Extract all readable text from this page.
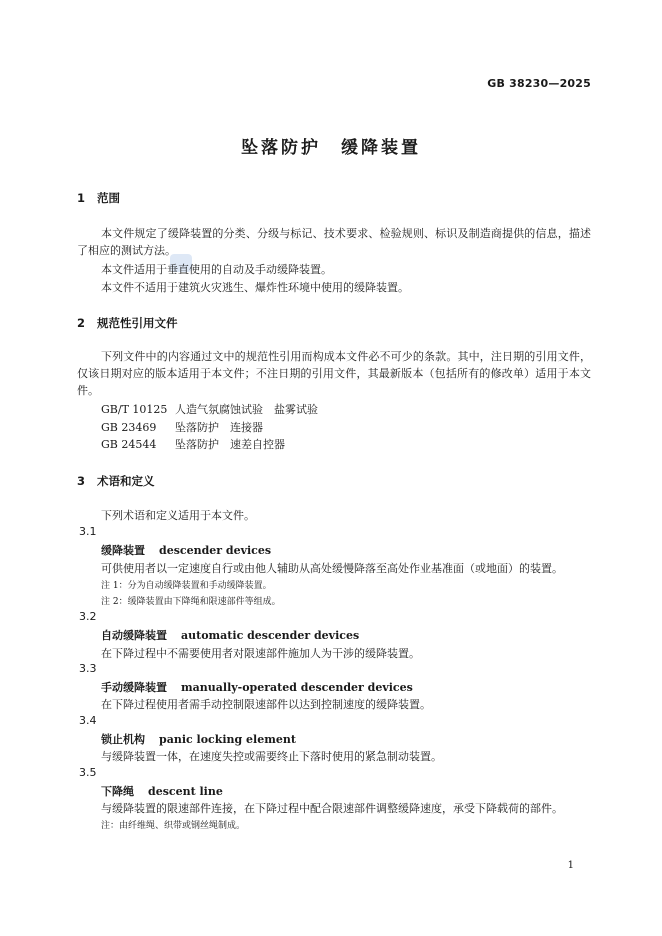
GB 38230—2025
坠落防护　缓降装置
1 范围
本文件规定了缓降装置的分类、分级与标记、技术要求、检验规则、标识及制造商提供的信息，描述了相应的测试方法。
本文件适用于垂直使用的自动及手动缓降装置。
本文件不适用于建筑火灾逃生、爆炸性环境中使用的缓降装置。
2 规范性引用文件
下列文件中的内容通过文中的规范性引用而构成本文件必不可少的条款。其中，注日期的引用文件，仅该日期对应的版本适用于本文件；不注日期的引用文件，其最新版本（包括所有的修改单）适用于本文件。
GB/T 10125 人造气氛腐蚀试验　盐雾试验
GB 23469 坠落防护　连接器
GB 24544 坠落防护　速差自控器
3 术语和定义
下列术语和定义适用于本文件。
3.1
缓降装置 descender devices
可供使用者以一定速度自行或由他人辅助从高处缓慢降落至高处作业基准面（或地面）的装置。
注 1：分为自动缓降装置和手动缓降装置。
注 2：缓降装置由下降绳和限速部件等组成。
3.2
自动缓降装置 automatic descender devices
在下降过程中不需要使用者对限速部件施加人为干涉的缓降装置。
3.3
手动缓降装置 manually-operated descender devices
在下降过程使用者需手动控制限速部件以达到控制速度的缓降装置。
3.4
锁止机构 panic locking element
与缓降装置一体，在速度失控或需要终止下落时使用的紧急制动装置。
3.5
下降绳 descent line
与缓降装置的限速部件连接，在下降过程中配合限速部件调整缓降速度，承受下降载荷的部件。
注：由纤维绳、织带或钢丝绳制成。
1
